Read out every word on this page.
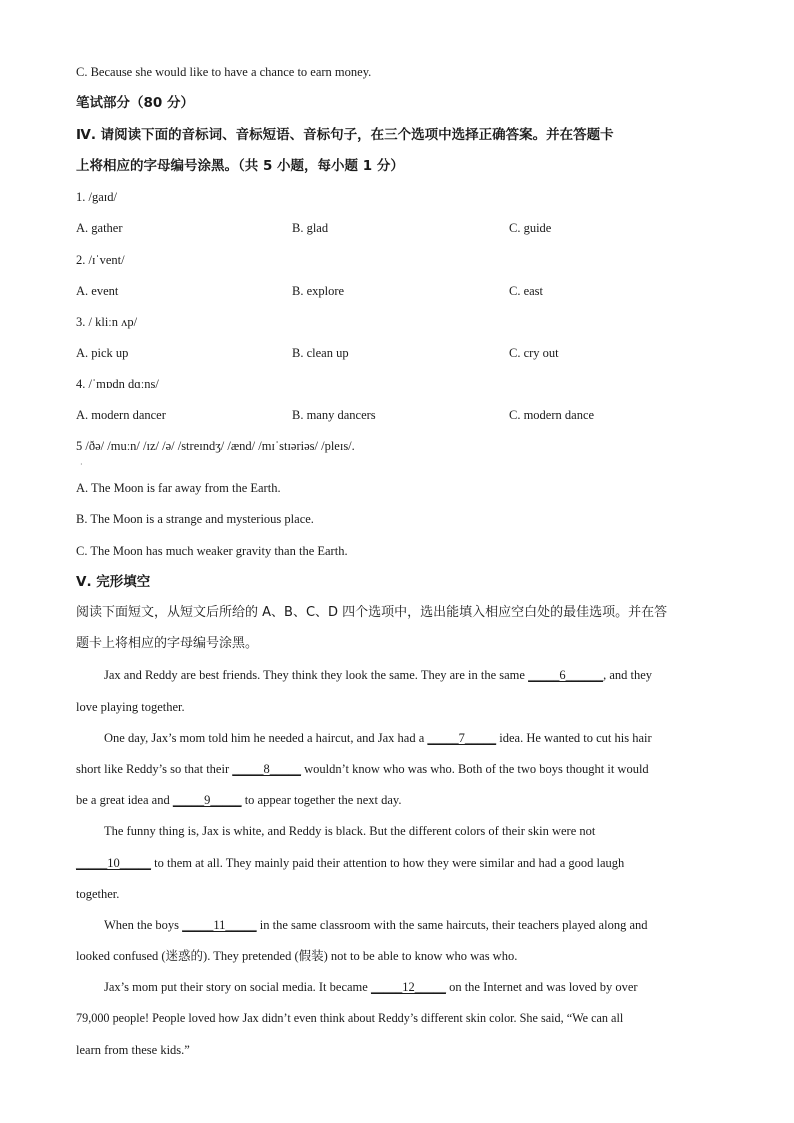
C. Because she would like to have a chance to earn money.
笔试部分（80 分）
Ⅳ. 请阅读下面的音标词、音标短语、音标句子，在三个选项中选择正确答案。并在答题卡
上将相应的字母编号涂黑。（共 5 小题，每小题 1 分）
1. /gaɪd/
A. gather	B. glad	C. guide
2. /ɪˈvent/
A. event	B. explore	C. east
3. / kliːn ʌp/
A. pick up	B. clean up	C. cry out
4. /ˈmɒdn dɑːns/
A. modern dancer	B. many dancers	C. modern dance
5 /ðə/ /muːn/ /ɪz/ /ə/ /streɪndʒ/ /ænd/ /mɪˈstɪəriəs/ /pleɪs/.
·
A. The Moon is far away from the Earth.
B. The Moon is a strange and mysterious place.
C. The Moon has much weaker gravity than the Earth.
Ⅴ. 完形填空
阅读下面短文，从短文后所给的 A、B、C、D 四个选项中，选出能填入相应空白处的最佳选项。并在答
题卡上将相应的字母编号涂黑。
Jax and Reddy are best friends. They think they look the same. They are in the same _____6______, and they
love playing together.
One day, Jax’s mom told him he needed a haircut, and Jax had a _____7_____ idea. He wanted to cut his hair
short like Reddy’s so that their _____8_____ wouldn’t know who was who. Both of the two boys thought it would
be a great idea and _____9_____ to appear together the next day.
The funny thing is, Jax is white, and Reddy is black. But the different colors of their skin were not
_____10_____ to them at all. They mainly paid their attention to how they were similar and had a good laugh
together.
When the boys _____11_____ in the same classroom with the same haircuts, their teachers played along and
looked confused (迷惑的). They pretended (假装) not to be able to know who was who.
Jax’s mom put their story on social media. It became _____12_____ on the Internet and was loved by over
79,000 people! People loved how Jax didn’t even think about Reddy’s different skin color. She said, “We can all
learn from these kids.”
